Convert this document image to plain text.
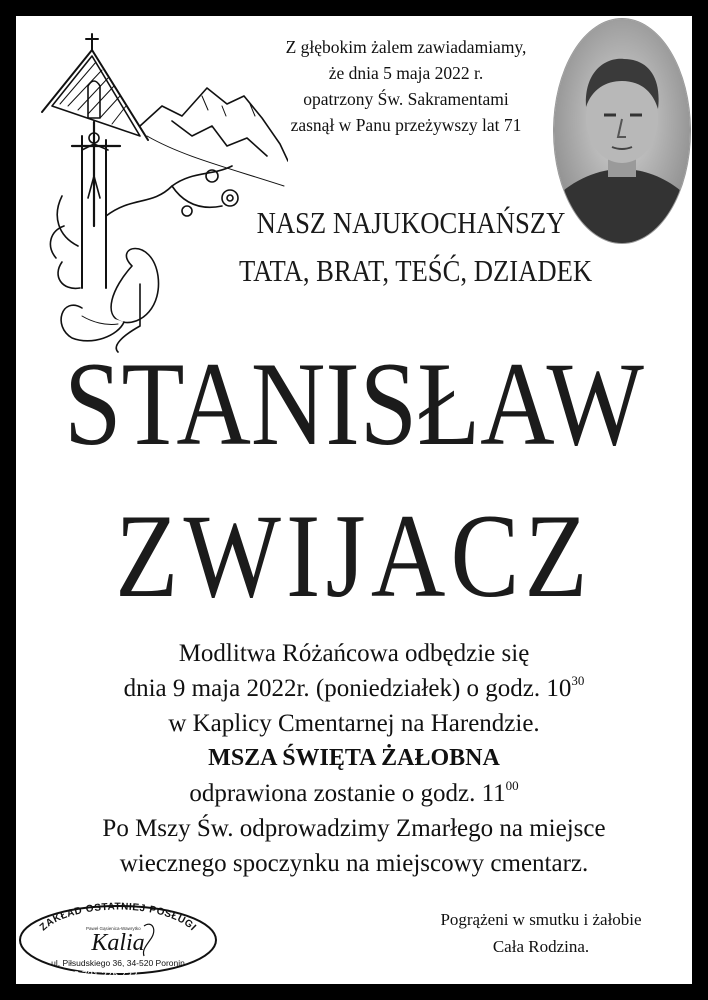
Z głębokim żalem zawiadamiamy,
że dnia 5 maja 2022 r.
opatrzony Św. Sakramentami
zasnął w Panu przeżywszy lat 71
NASZ NAJUKOCHAŃSZY
TATA, BRAT, TEŚĆ, DZIADEK
STANISŁAW
ZWIJACZ
Modlitwa Różańcowa odbędzie się
dnia 9 maja 2022r. (poniedziałek) o godz. $10^{30}$
w Kaplicy Cmentarnej na Harendzie.
MSZA ŚWIĘTA ŻAŁOBNA
odprawiona zostanie o godz. $11^{00}$
Po Mszy Św. odprowadzimy Zmarłego na miejsce
wiecznego spoczynku na miejscowy cmentarz.
Pogrążeni w smutku i żałobie
Cała Rodzina.
ZAKŁAD OSTATNIEJ POSŁUGI
Paweł Gąsienica-Wawrytko
Kalia
ul. Piłsudskiego 36, 34-520 Poronin
tel. +48 721 275 722
